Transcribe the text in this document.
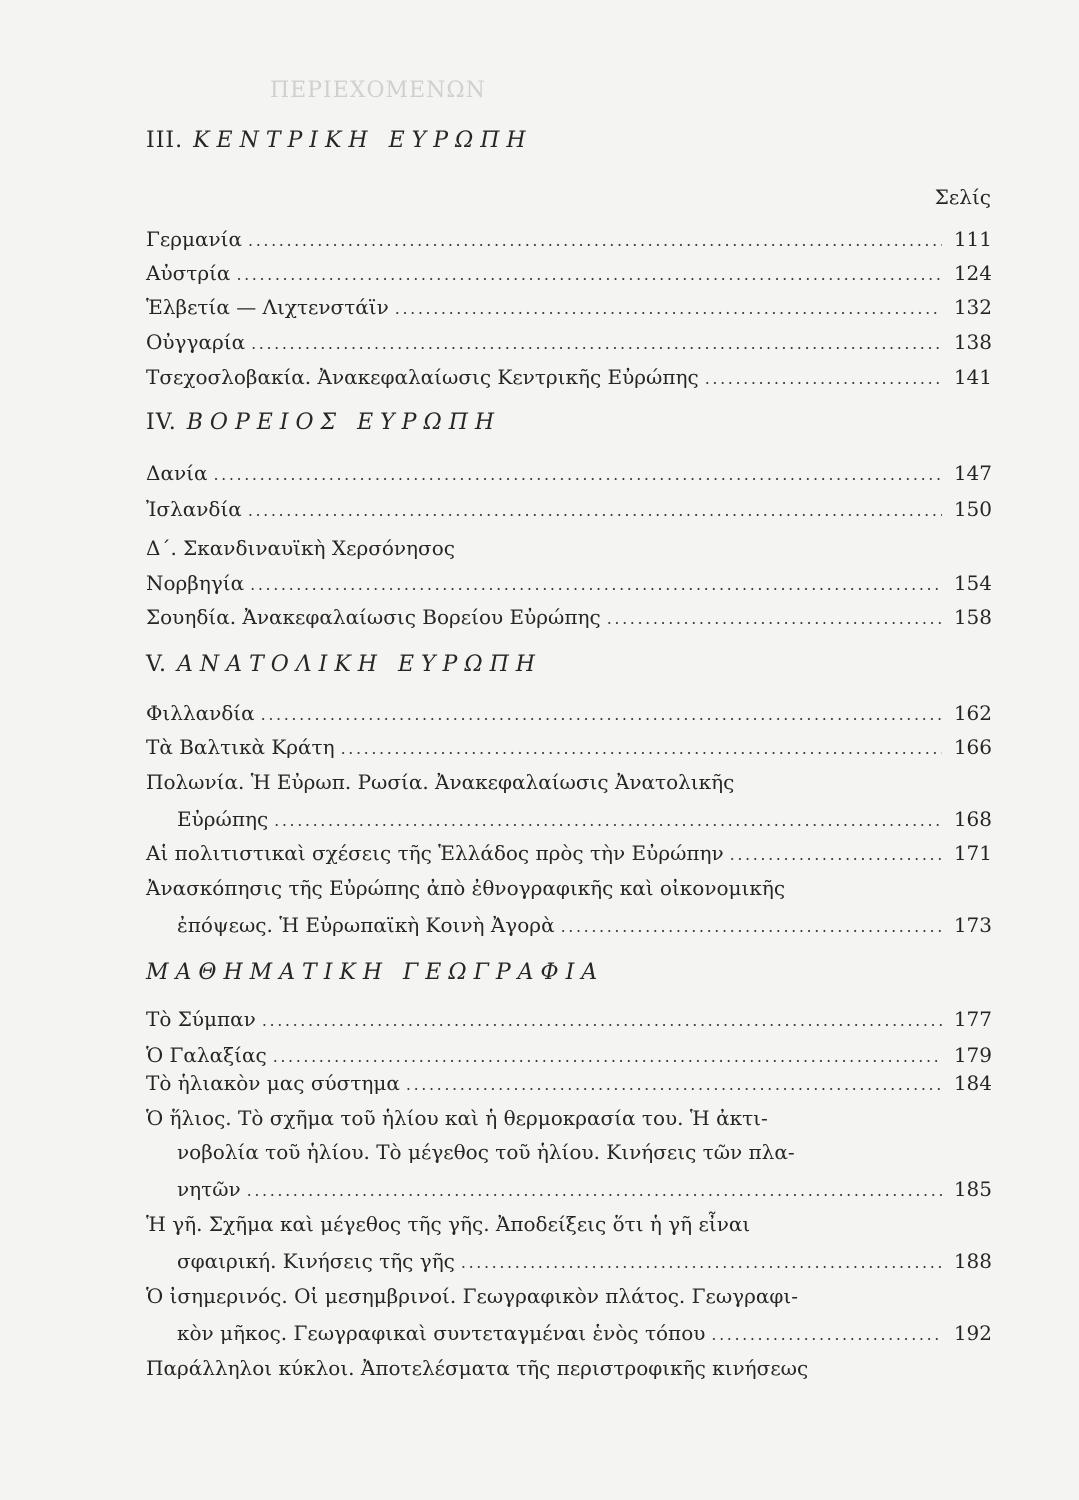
ΠΕΡΙΕΧΟΜΕΝΩΝ
III. ΚΕΝΤΡΙΚΗ ΕΥΡΩΠΗ
Σελίς
Γερμανία .....	111
Αὐστρία .....	124
Ἑλβετία — Λιχτενστάϊν .....	132
Οὐγγαρία .....	138
Τσεχοσλοβακία. Ἀνακεφαλαίωσις Κεντρικῆς Εὐρώπης .....	141
IV. ΒΟΡΕΙΟΣ ΕΥΡΩΠΗ
Δανία .....	147
Ἰσλανδία .....	150
Δ΄. Σκανδιναυϊκὴ Χερσόνησος
Νορβηγία .....	154
Σουηδία. Ἀνακεφαλαίωσις Βορείου Εὐρώπης .....	158
V. ΑΝΑΤΟΛΙΚΗ ΕΥΡΩΠΗ
Φιλλανδία .....	162
Τὰ Βαλτικὰ Κράτη .....	166
Πολωνία. Ἡ Εὐρωπ. Ρωσία. Ἀνακεφαλαίωσις Ἀνατολικῆς
Εὐρώπης .....	168
Αἱ πολιτιστικαὶ σχέσεις τῆς Ἑλλάδος πρὸς τὴν Εὐρώπην .....	171
Ἀνασκόπησις τῆς Εὐρώπης ἀπὸ ἐθνογραφικῆς καὶ οἰκονομικῆς
ἐπόψεως. Ἡ Εὐρωπαϊκὴ Κοινὴ Ἀγορὰ .....	173
ΜΑΘΗΜΑΤΙΚΗ ΓΕΩΓΡΑΦΙΑ
Τὸ Σύμπαν .....	177
Ὁ Γαλαξίας .....	179
Τὸ ἡλιακὸν μας σύστημα .....	184
Ὁ ἥλιος. Τὸ σχῆμα τοῦ ἡλίου καὶ ἡ θερμοκρασία του. Ἡ ἀκτι-
νοβολία τοῦ ἡλίου. Τὸ μέγεθος τοῦ ἡλίου. Κινήσεις τῶν πλα-
νητῶν .....	185
Ἡ γῆ. Σχῆμα καὶ μέγεθος τῆς γῆς. Ἀποδείξεις ὅτι ἡ γῆ εἶναι
σφαιρική. Κινήσεις τῆς γῆς .....	188
Ὁ ἰσημερινός. Οἱ μεσημβρινοί. Γεωγραφικὸν πλάτος. Γεωγραφι-
κὸν μῆκος. Γεωγραφικαὶ συντεταγμέναι ἑνὸς τόπου .....	192
Παράλληλοι κύκλοι. Ἀποτελέσματα τῆς περιστροφικῆς κινήσεως
